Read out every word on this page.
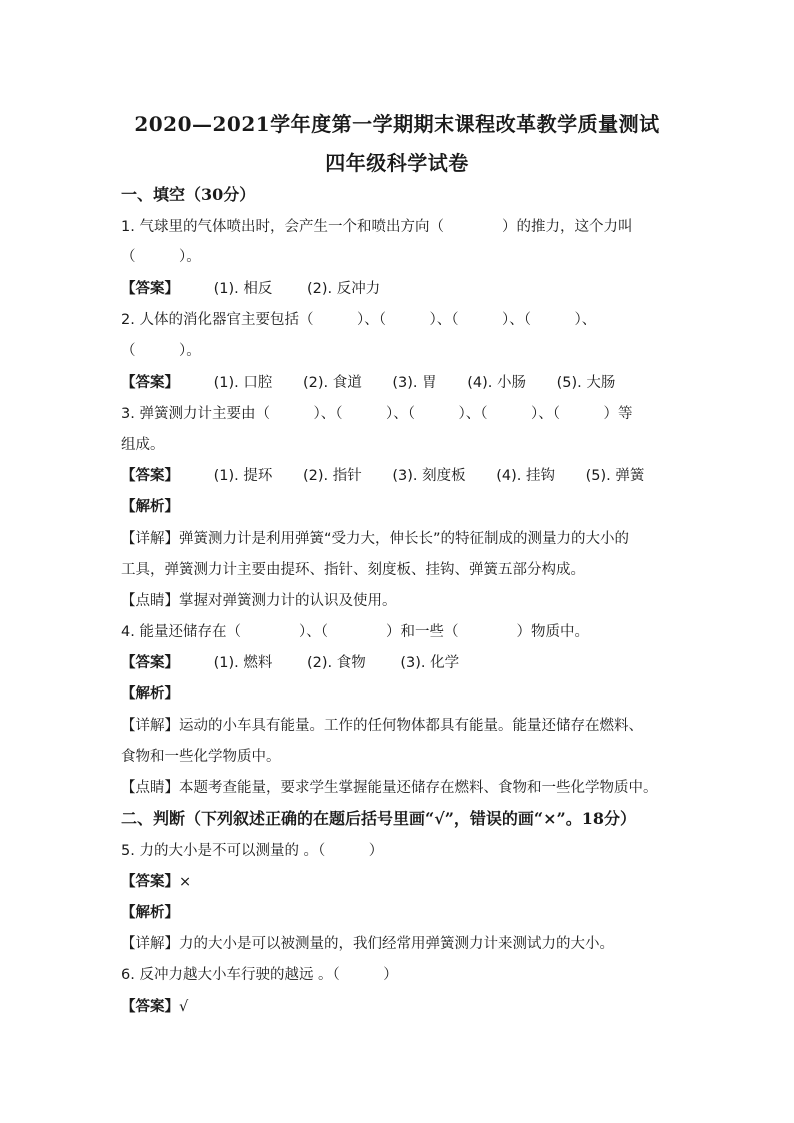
2020—2021学年度第一学期期末课程改革教学质量测试
四年级科学试卷
一、填空（30分）
1. 气球里的气体喷出时，会产生一个和喷出方向（　　　　）的推力，这个力叫
（　　　）。
【答案】 (1). 相反 (2). 反冲力
2. 人体的消化器官主要包括（　　　）、（　　　）、（　　　）、（　　　）、
（　　　）。
【答案】 (1). 口腔 (2). 食道 (3). 胃 (4). 小肠 (5). 大肠
3. 弹簧测力计主要由（　　　）、（　　　）、（　　　）、（　　　）、（　　　）等
组成。
【答案】 (1). 提环 (2). 指针 (3). 刻度板 (4). 挂钩 (5). 弹簧
【解析】
【详解】弹簧测力计是利用弹簧“受力大，伸长长”的特征制成的测量力的大小的
工具，弹簧测力计主要由提环、指针、刻度板、挂钩、弹簧五部分构成。
【点睛】掌握对弹簧测力计的认识及使用。
4. 能量还储存在（　　　　）、（　　　　）和一些（　　　　）物质中。
【答案】 (1). 燃料 (2). 食物 (3). 化学
【解析】
【详解】运动的小车具有能量。工作的任何物体都具有能量。能量还储存在燃料、
食物和一些化学物质中。
【点睛】本题考查能量，要求学生掌握能量还储存在燃料、食物和一些化学物质中。
二、判断（下列叙述正确的在题后括号里画“√”，错误的画“×”。18分）
5. 力的大小是不可以测量的 。（　　　）
【答案】×
【解析】
【详解】力的大小是可以被测量的，我们经常用弹簧测力计来测试力的大小。
6. 反冲力越大小车行驶的越远 。（　　　）
【答案】√
